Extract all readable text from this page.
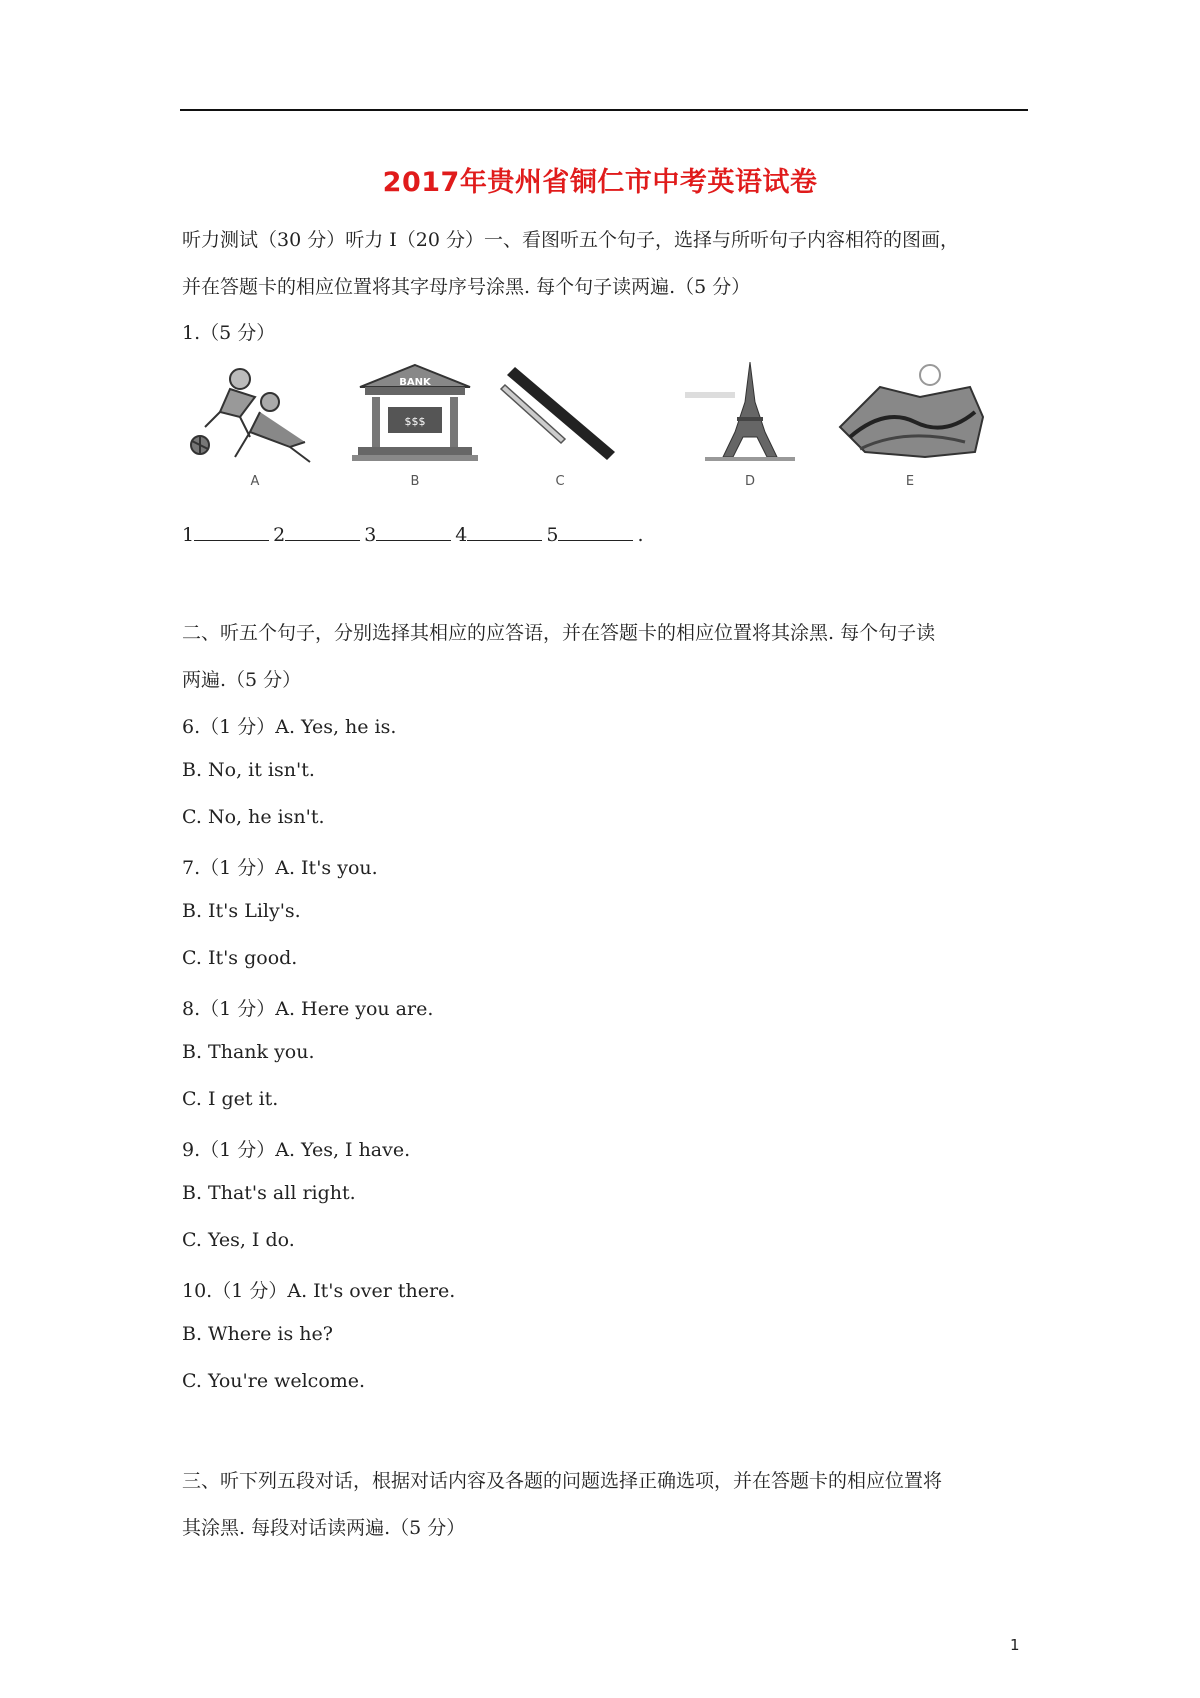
2017年贵州省铜仁市中考英语试卷
听力测试（30 分）听力 I（20 分）一、看图听五个句子，选择与所听句子内容相符的图画，
并在答题卡的相应位置将其字母序号涂黑. 每个句子读两遍.（5 分）
1.（5 分）
A
BANK
$$$
B	C	D	E
1	2	3	4	5	.
二、听五个句子，分别选择其相应的应答语，并在答题卡的相应位置将其涂黑. 每个句子读
两遍.（5 分）
6.（1 分）A. Yes, he is.
B. No, it isn't.
C. No, he isn't.
7.（1 分）A. It's you.
B. It's Lily's.
C. It's good.
8.（1 分）A. Here you are.
B. Thank you.
C. I get it.
9.（1 分）A. Yes, I have.
B. That's all right.
C. Yes, I do.
10.（1 分）A. It's over there.
B. Where is he?
C. You're welcome.
三、听下列五段对话，根据对话内容及各题的问题选择正确选项，并在答题卡的相应位置将
其涂黑. 每段对话读两遍.（5 分）
1
